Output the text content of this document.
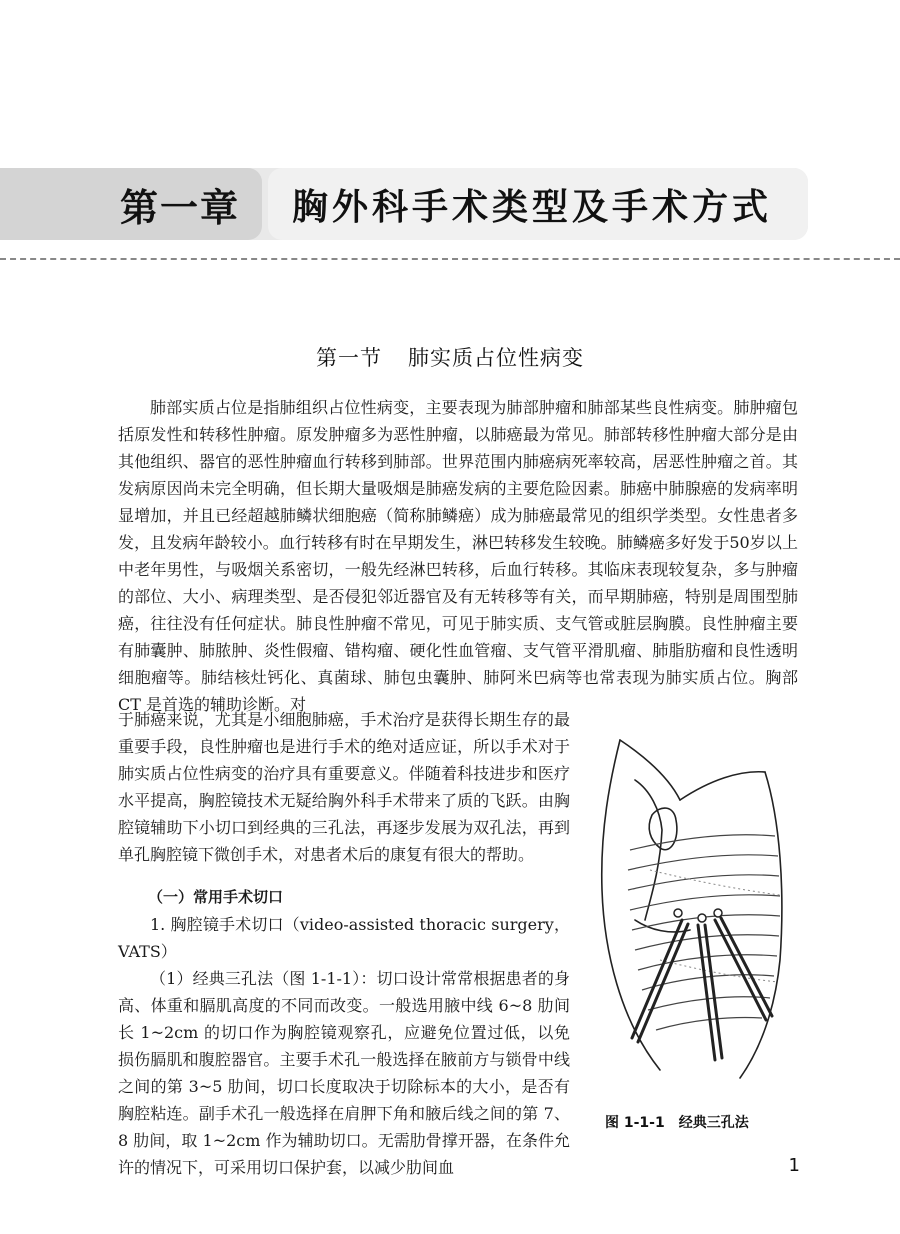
第一章	胸外科手术类型及手术方式
第一节 肺实质占位性病变

肺部实质占位是指肺组织占位性病变，主要表现为肺部肿瘤和肺部某些良性病变。肺肿瘤包括原发性和转移性肿瘤。原发肿瘤多为恶性肿瘤，以肺癌最为常见。肺部转移性肿瘤大部分是由其他组织、器官的恶性肿瘤血行转移到肺部。世界范围内肺癌病死率较高，居恶性肿瘤之首。其发病原因尚未完全明确，但长期大量吸烟是肺癌发病的主要危险因素。肺癌中肺腺癌的发病率明显增加，并且已经超越肺鳞状细胞癌（简称肺鳞癌）成为肺癌最常见的组织学类型。女性患者多发，且发病年龄较小。血行转移有时在早期发生，淋巴转移发生较晚。肺鳞癌多好发于50岁以上中老年男性，与吸烟关系密切，一般先经淋巴转移，后血行转移。其临床表现较复杂，多与肿瘤的部位、大小、病理类型、是否侵犯邻近器官及有无转移等有关，而早期肺癌，特别是周围型肺癌，往往没有任何症状。肺良性肿瘤不常见，可见于肺实质、支气管或脏层胸膜。良性肿瘤主要有肺囊肿、肺脓肿、炎性假瘤、错构瘤、硬化性血管瘤、支气管平滑肌瘤、肺脂肪瘤和良性透明细胞瘤等。肺结核灶钙化、真菌球、肺包虫囊肿、肺阿米巴病等也常表现为肺实质占位。胸部 CT 是首选的辅助诊断。对

于肺癌来说，尤其是小细胞肺癌，手术治疗是获得长期生存的最重要手段，良性肿瘤也是进行手术的绝对适应证，所以手术对于肺实质占位性病变的治疗具有重要意义。伴随着科技进步和医疗水平提高，胸腔镜技术无疑给胸外科手术带来了质的飞跃。由胸腔镜辅助下小切口到经典的三孔法，再逐步发展为双孔法，再到单孔胸腔镜下微创手术，对患者术后的康复有很大的帮助。

（一）常用手术切口

1. 胸腔镜手术切口（video-assisted thoracic surgery，VATS）

（1）经典三孔法（图 1-1-1）：切口设计常常根据患者的身高、体重和膈肌高度的不同而改变。一般选用腋中线 6~8 肋间长 1~2cm 的切口作为胸腔镜观察孔，应避免位置过低，以免损伤膈肌和腹腔器官。主要手术孔一般选择在腋前方与锁骨中线之间的第 3~5 肋间，切口长度取决于切除标本的大小，是否有胸腔粘连。副手术孔一般选择在肩胛下角和腋后线之间的第 7、8 肋间，取 1~2cm 作为辅助切口。无需肋骨撑开器，在条件允许的情况下，可采用切口保护套，以减少肋间血

图 1-1-1　经典三孔法
1
